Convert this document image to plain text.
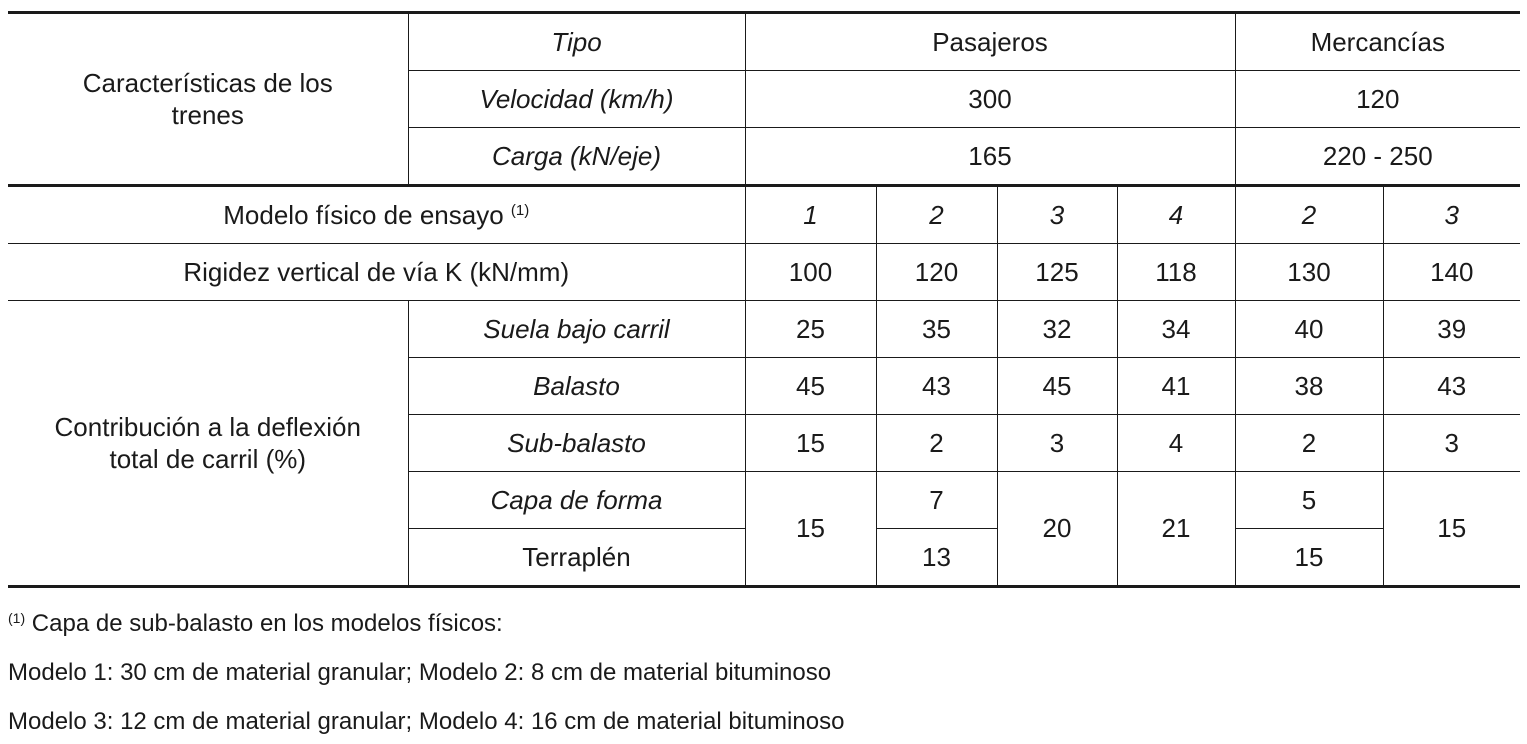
Características de los trenes	Tipo	Pasajeros				Mercancías	
	Velocidad (km/h)	300				120	
	Carga (kN/eje)	165				220 - 250	
Modelo físico de ensayo $^{(1)}$		1	2	3	4	2	3
Rigidez vertical de vía K (kN/mm)		100	120	125	118	130	140
Contribución a la deflexión total de carril (%)	Suela bajo carril	25	35	32	34	40	39
	Balasto	45	43	45	41	38	43
	Sub-balasto	15	2	3	4	2	3
	Capa de forma	15	7	20	21	5	15
	Terraplén		13			15	
$^{(1)}$ Capa de sub-balasto en los modelos físicos:
Modelo 1: 30 cm de material granular; Modelo 2: 8 cm de material bituminoso
Modelo 3: 12 cm de material granular; Modelo 4: 16 cm de material bituminoso
